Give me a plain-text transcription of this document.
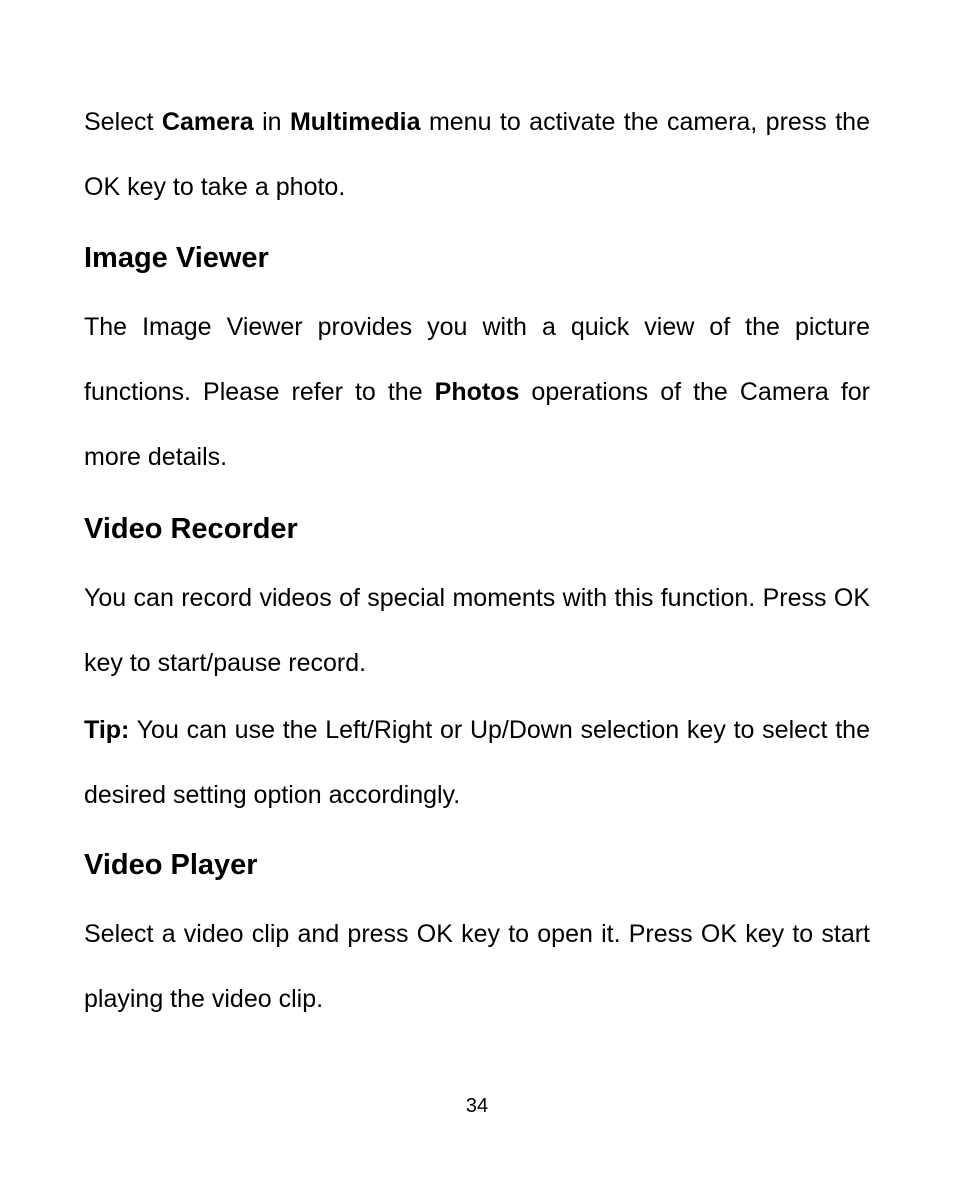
Select Camera in Multimedia menu to activate the camera, press the OK key to take a photo.

Image Viewer

The Image Viewer provides you with a quick view of the picture functions. Please refer to the Photos operations of the Camera for more details.

Video Recorder

You can record videos of special moments with this function. Press OK key to start/pause record.

Tip: You can use the Left/Right or Up/Down selection key to select the desired setting option accordingly.

Video Player

Select a video clip and press OK key to open it. Press OK key to start playing the video clip.

34
